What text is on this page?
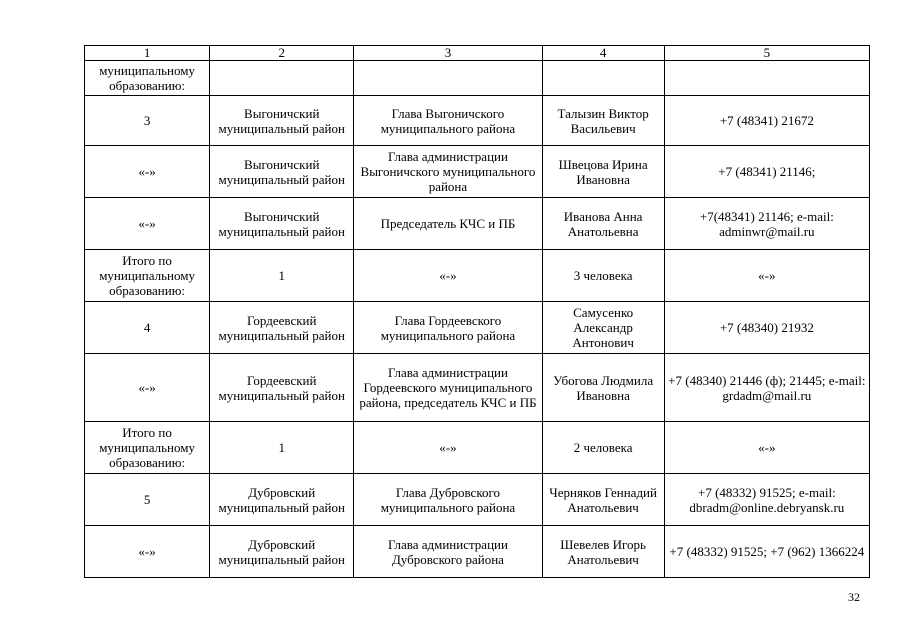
1	2	3	4	5
муниципальному образованию:				
3	Выгоничский муниципальный район	Глава Выгоничского муниципального района	Талызин Виктор Васильевич	+7 (48341) 21672
«-»	Выгоничский муниципальный район	Глава администрации Выгоничского муниципального района	Швецова Ирина Ивановна	+7 (48341) 21146;
«-»	Выгоничский муниципальный район	Председатель КЧС и ПБ	Иванова Анна Анатольевна	+7(48341) 21146; e-mail: adminwr@mail.ru
Итого по муниципальному образованию:	1	«-»	3 человека	«-»
4	Гордеевский муниципальный район	Глава Гордеевского муниципального района	Самусенко Александр Антонович	+7 (48340) 21932
«-»	Гордеевский муниципальный район	Глава администрации Гордеевского муниципального района, председатель КЧС и ПБ	Убогова Людмила Ивановна	+7 (48340) 21446 (ф); 21445; e-mail: grdadm@mail.ru
Итого по муниципальному образованию:	1	«-»	2 человека	«-»
5	Дубровский муниципальный район	Глава Дубровского муниципального района	Черняков Геннадий Анатольевич	+7 (48332) 91525; e-mail: dbradm@online.debryansk.ru
«-»	Дубровский муниципальный район	Глава администрации Дубровского района	Шевелев Игорь Анатольевич	+7 (48332) 91525; +7 (962) 1366224
32
